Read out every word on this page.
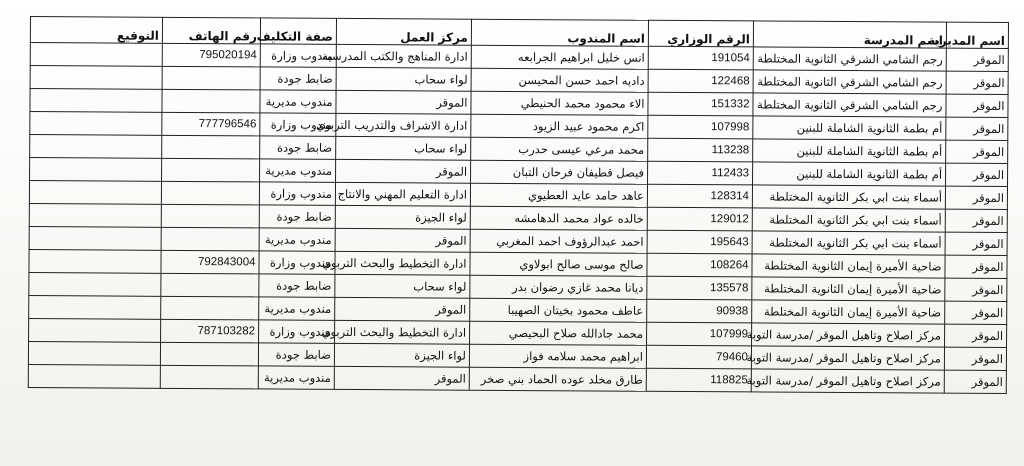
اسم المديرية	اسم المدرسة	الرقم الوزاري	اسم المندوب	مركز العمل	صفة التكليف	رقم الهاتف	التوقيع
الموقر	رجم الشامي الشرقي الثانوية المختلطة	191054	انس خليل ابراهيم الجرابعه	ادارة المناهج والكتب المدرسيه	مندوب وزارة	795020194	
الموقر	رجم الشامي الشرقي الثانوية المختلطة	122468	داديه احمد حسن المحيسن	لواء سحاب	ضابط جودة		
الموقر	رجم الشامي الشرقي الثانوية المختلطة	151332	الاء محمود محمد الحنيطي	الموقر	مندوب مديرية		
الموقر	أم بطمة الثانوية الشاملة للبنين	107998	اكرم محمود عبيد الزيود	ادارة الاشراف والتدريب التربوي	مندوب وزارة	777796546	
الموقر	أم بطمة الثانوية الشاملة للبنين	113238	محمد مرعي عيسى حدرب	لواء سحاب	ضابط جودة		
الموقر	أم بطمة الثانوية الشاملة للبنين	112433	فيصل قطيفان فرحان التبان	الموقر	مندوب مديرية		
الموقر	أسماء بنت ابي بكر الثانوية المختلطة	128314	عاهد حامد عايد العطيوي	ادارة التعليم المهني والانتاج	مندوب وزارة		
الموقر	أسماء بنت ابي بكر الثانوية المختلطة	129012	خالده عواد محمد الدهامشه	لواء الجيزة	ضابط جودة		
الموقر	أسماء بنت ابي بكر الثانوية المختلطة	195643	احمد عبدالرؤوف احمد المغربي	الموقر	مندوب مديرية		
الموقر	ضاحية الأميرة إيمان الثانوية المختلطة	108264	صالح موسى صالح ابولاوي	ادارة التخطيط والبحث التربوي	مندوب وزارة	792843004	
الموقر	ضاحية الأميرة إيمان الثانوية المختلطة	135578	ديانا محمد غازي رضوان بدر	لواء سحاب	ضابط جودة		
الموقر	ضاحية الأميرة إيمان الثانوية المختلطة	90938	عاطف محمود بخيتان الصهيبا	الموقر	مندوب مديرية		
الموقر	مركز اصلاح وتاهيل الموقر /مدرسة التوبة	107999	محمد جادالله صلاح البحيصي	ادارة التخطيط والبحث التربوي	مندوب وزارة	787103282	
الموقر	مركز اصلاح وتاهيل الموقر /مدرسة التوبة	79460	ابراهيم محمد سلامه فواز	لواء الجيزة	ضابط جودة		
الموقر	مركز اصلاح وتاهيل الموقر /مدرسة التوبة	118825	طارق مخلد عوده الحماد بني صخر	الموقر	مندوب مديرية		
